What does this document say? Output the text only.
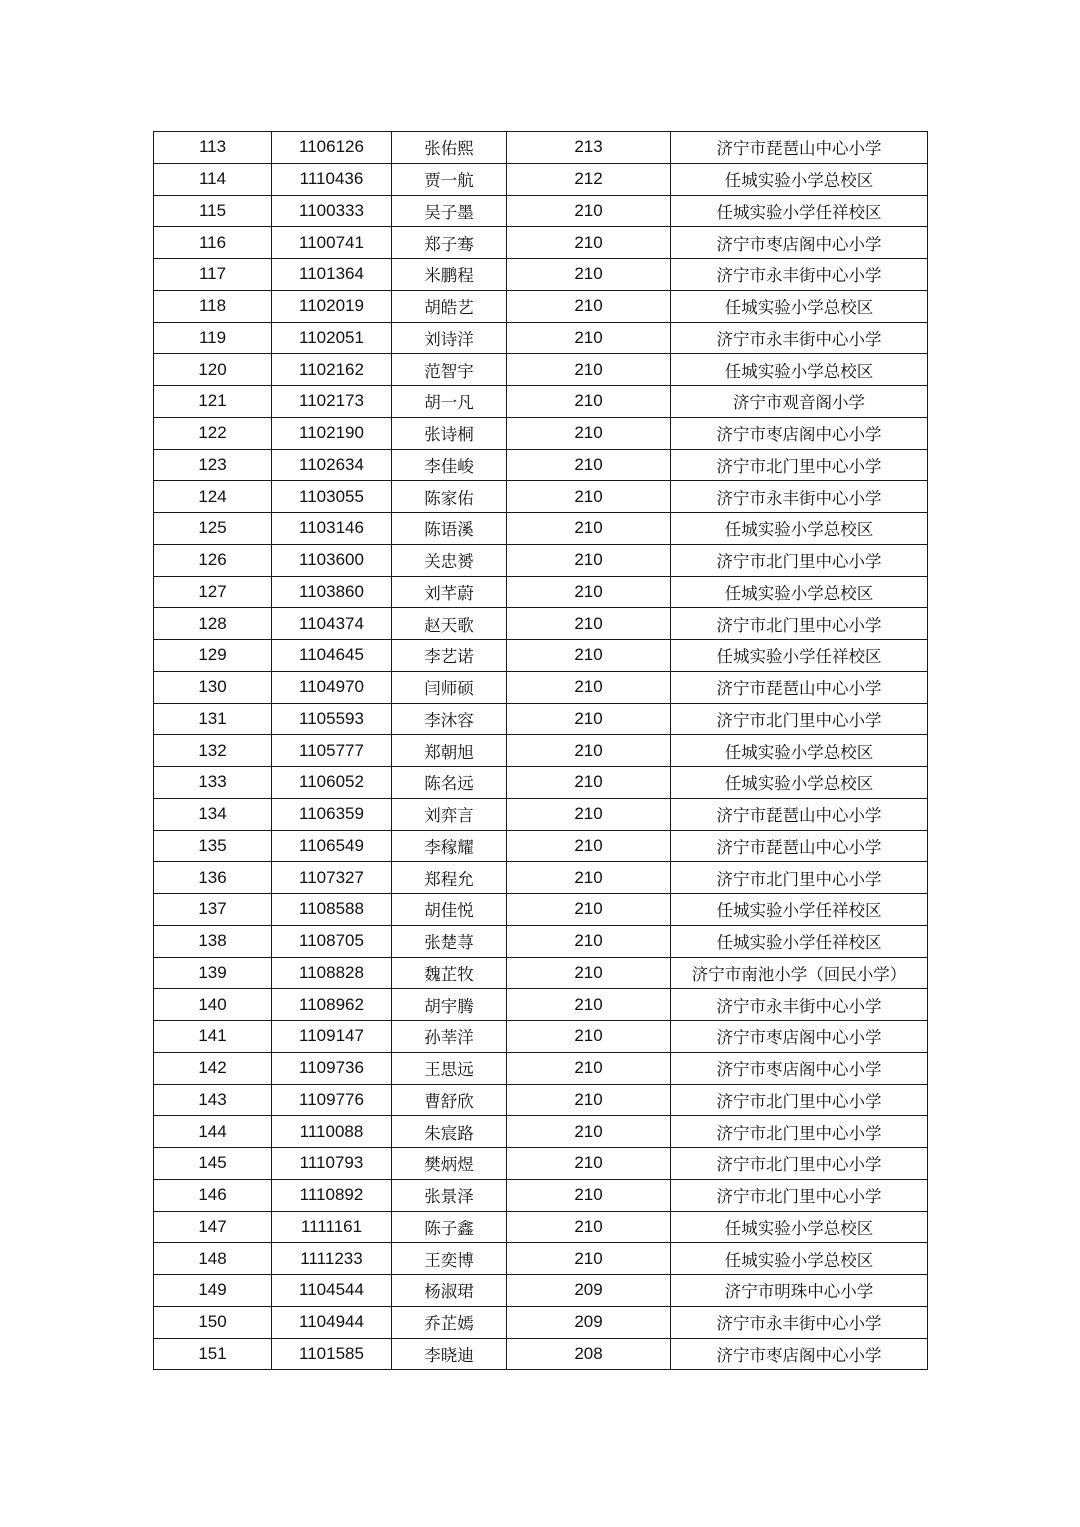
113	1106126	张佑熙	213	济宁市琵琶山中心小学
114	1110436	贾一航	212	任城实验小学总校区
115	1100333	吴子墨	210	任城实验小学任祥校区
116	1100741	郑子骞	210	济宁市枣店阁中心小学
117	1101364	米鹏程	210	济宁市永丰街中心小学
118	1102019	胡皓艺	210	任城实验小学总校区
119	1102051	刘诗洋	210	济宁市永丰街中心小学
120	1102162	范智宇	210	任城实验小学总校区
121	1102173	胡一凡	210	济宁市观音阁小学
122	1102190	张诗桐	210	济宁市枣店阁中心小学
123	1102634	李佳峻	210	济宁市北门里中心小学
124	1103055	陈家佑	210	济宁市永丰街中心小学
125	1103146	陈语溪	210	任城实验小学总校区
126	1103600	关忠赟	210	济宁市北门里中心小学
127	1103860	刘芊蔚	210	任城实验小学总校区
128	1104374	赵天歌	210	济宁市北门里中心小学
129	1104645	李艺诺	210	任城实验小学任祥校区
130	1104970	闫师硕	210	济宁市琵琶山中心小学
131	1105593	李沐容	210	济宁市北门里中心小学
132	1105777	郑朝旭	210	任城实验小学总校区
133	1106052	陈名远	210	任城实验小学总校区
134	1106359	刘弈言	210	济宁市琵琶山中心小学
135	1106549	李稼耀	210	济宁市琵琶山中心小学
136	1107327	郑程允	210	济宁市北门里中心小学
137	1108588	胡佳悦	210	任城实验小学任祥校区
138	1108705	张楚荨	210	任城实验小学任祥校区
139	1108828	魏芷牧	210	济宁市南池小学（回民小学）
140	1108962	胡宇腾	210	济宁市永丰街中心小学
141	1109147	孙莘洋	210	济宁市枣店阁中心小学
142	1109736	王思远	210	济宁市枣店阁中心小学
143	1109776	曹舒欣	210	济宁市北门里中心小学
144	1110088	朱宸路	210	济宁市北门里中心小学
145	1110793	樊炳煜	210	济宁市北门里中心小学
146	1110892	张景泽	210	济宁市北门里中心小学
147	1111161	陈子鑫	210	任城实验小学总校区
148	1111233	王奕博	210	任城实验小学总校区
149	1104544	杨淑珺	209	济宁市明珠中心小学
150	1104944	乔芷嫣	209	济宁市永丰街中心小学
151	1101585	李晓迪	208	济宁市枣店阁中心小学
